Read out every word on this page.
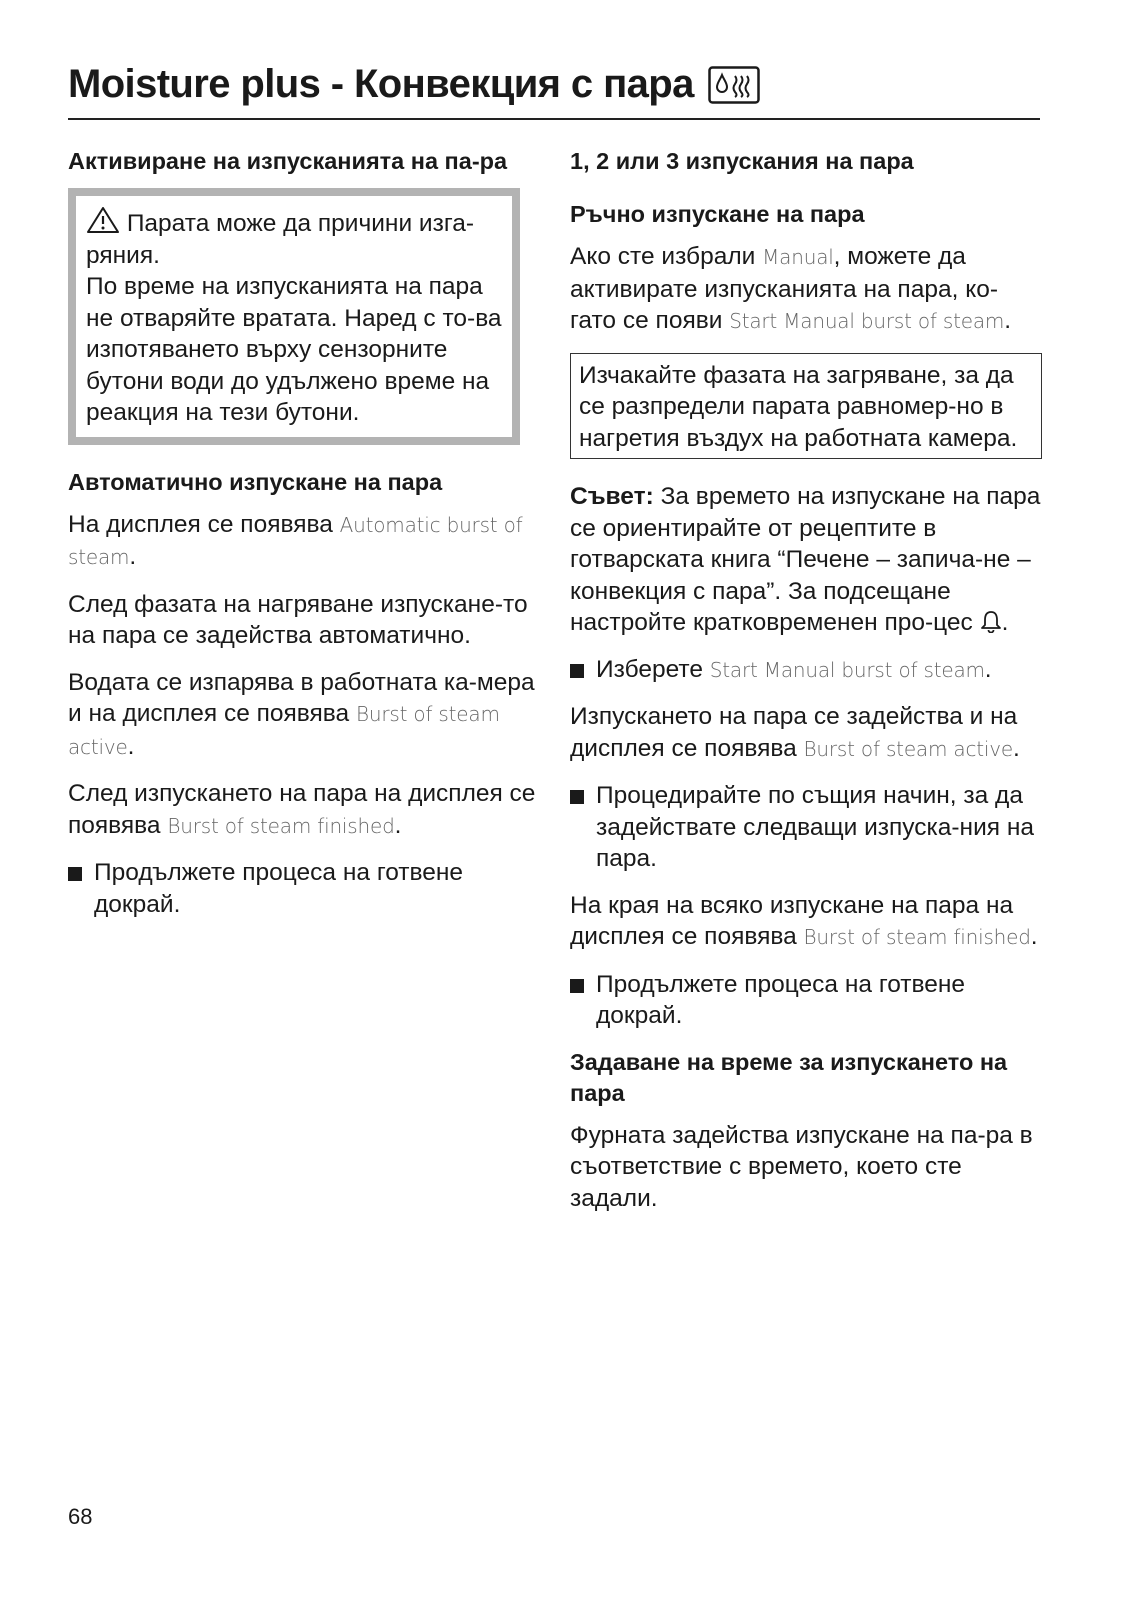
Moisture plus - Конвекция с пара
Активиране на изпусканията на па-ра

Парата може да причини изга-ряния.

По време на изпусканията на пара не отваряйте вратата. Наред с то-ва изпотяването върху сензорните бутони води до удължено време на реакция на тези бутони.

Автоматично изпускане на пара

На дисплея се появява Automatic burst of steam.

След фазата на нагряване изпускане-то на пара се задейства автоматично.

Водата се изпарява в работната ка-мера и на дисплея се появява Burst of steam active.

След изпускането на пара на дисплея се появява Burst of steam finished.

Продължете процеса на готвене докрай.
1, 2 или 3 изпускания на пара
Ръчно изпускане на пара

Ако сте избрали Manual, можете да активирате изпусканията на пара, ко-гато се появи Start Manual burst of steam.

Изчакайте фазата на загряване, за да се разпредели парата равномер-но в нагретия въздух на работната камера.

Съвет: За времето на изпускане на пара се ориентирайте от рецептите в готварската книга “Печене – запича-не – конвекция с пара”. За подсещане настройте кратковременен про-цес .

Изберете Start Manual burst of steam.

Изпускането на пара се задейства и на дисплея се появява Burst of steam active.

Процедирайте по същия начин, за да задействате следващи изпуска-ния на пара.

На края на всяко изпускане на пара на дисплея се появява Burst of steam finished.

Продължете процеса на готвене докрай.
Задаване на време за изпускането на пара

Фурната задейства изпускане на па-ра в съответствие с времето, което сте задали.

68
